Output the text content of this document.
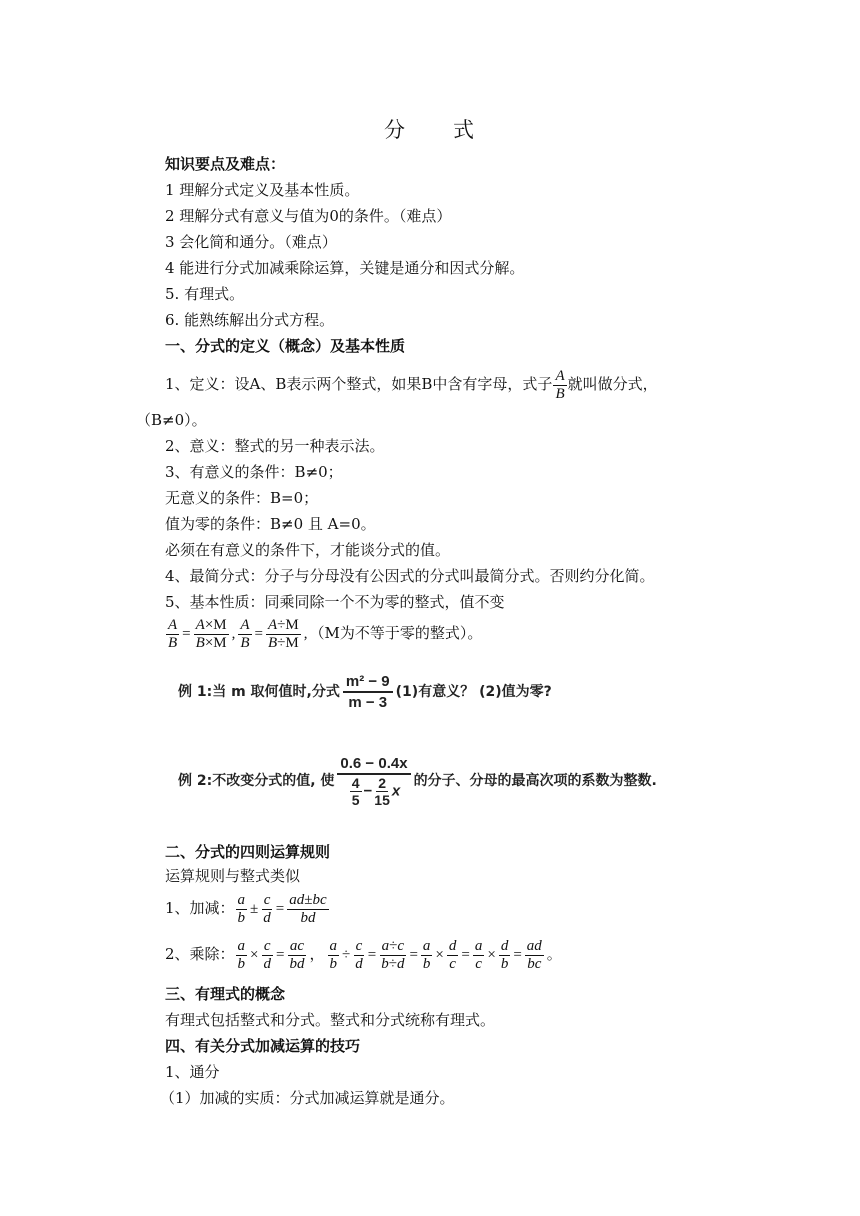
分 式
知识要点及难点：
1 理解分式定义及基本性质。
2 理解分式有意义与值为0的条件。（难点）
3 会化简和通分。（难点）
4 能进行分式加减乘除运算，关键是通分和因式分解。
5. 有理式。
6. 能熟练解出分式方程。
一、分式的定义（概念）及基本性质
1、定义：设A、B表示两个整式，如果B中含有字母，式子 $\frac{A}{B}$ 就叫做分式，
（B≠0）。
2、意义：整式的另一种表示法。
3、有意义的条件：B≠0；
无意义的条件：B=0；
值为零的条件：B≠0 且 A=0。
必须在有意义的条件下，才能谈分式的值。
4、最简分式：分子与分母没有公因式的分式叫最简分式。否则约分化简。
5、基本性质：同乘同除一个不为零的整式，值不变
$\frac{A}{B} = \frac{A\times M}{B\times M}$ , $\frac{A}{B} = \frac{A\div M}{B\div M}$ , （M为不等于零的整式）。
例 1:当 m 取何值时,分式 $\frac{\text{m² − 9}}{m - 3} (1)$有意义？ (2)值为零?
例 2:不改变分式的值, 使 $\frac{0.6 - 0.4x}{\frac{4}{5} - \frac{2}{15} x}$ 的分子、分母的最高次项的系数为整数.
二、分式的四则运算规则
运算规则与整式类似
1、加减： $\frac{a}{b} \pm \frac{c}{d} = \frac{ad\pm bc}{bd}$
2、乘除： $\frac{a}{b} \times \frac{c}{d} = \frac{ac}{bd}$ ， $\frac{a}{b} \div \frac{c}{d} = \frac{a\div c}{b\div d} = \frac{a}{b} \times \frac{d}{c} = \frac{a}{c} \times \frac{d}{b} = \frac{ad}{bc}$ 。
三、有理式的概念
有理式包括整式和分式。整式和分式统称有理式。
四、有关分式加减运算的技巧
1、通分
（1）加减的实质：分式加减运算就是通分。
